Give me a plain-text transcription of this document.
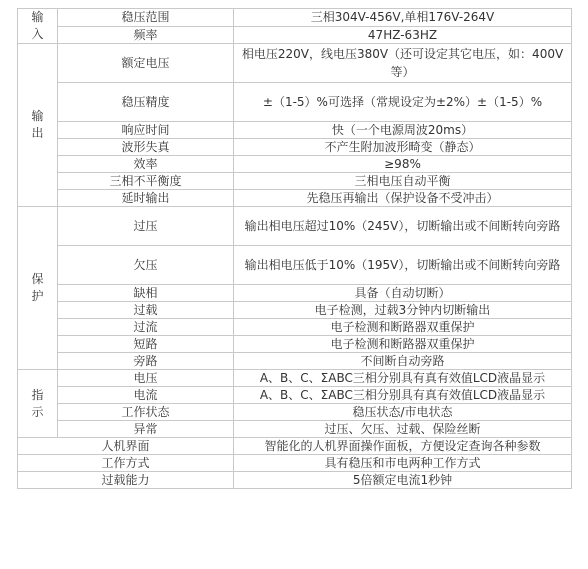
输入	稳压范围	三相304V-456V,单相176V-264V
	频率	47HZ-63HZ
输出	额定电压	相电压220V，线电压380V（还可设定其它电压，如：400V等）
	稳压精度	±（1-5）%可选择（常规设定为±2%）±（1-5）%
	响应时间	快（一个电源周波20ms）
	波形失真	不产生附加波形畸变（静态）
	效率	≥98%
	三相不平衡度	三相电压自动平衡
	延时输出	先稳压再输出（保护设备不受冲击）
保护	过压	输出相电压超过10%（245V），切断输出或不间断转向旁路
	欠压	输出相电压低于10%（195V），切断输出或不间断转向旁路
	缺相	具备（自动切断）
	过载	电子检测，过载3分钟内切断输出
	过流	电子检测和断路器双重保护
	短路	电子检测和断路器双重保护
	旁路	不间断自动旁路
指示	电压	A、B、C、ΣABC三相分别具有真有效值LCD液晶显示
	电流	A、B、C、ΣABC三相分别具有真有效值LCD液晶显示
	工作状态	稳压状态/市电状态
	异常	过压、欠压、过载、保险丝断
人机界面		智能化的人机界面操作面板，方便设定查询各种参数
工作方式		具有稳压和市电两种工作方式
过载能力		5倍额定电流1秒钟
